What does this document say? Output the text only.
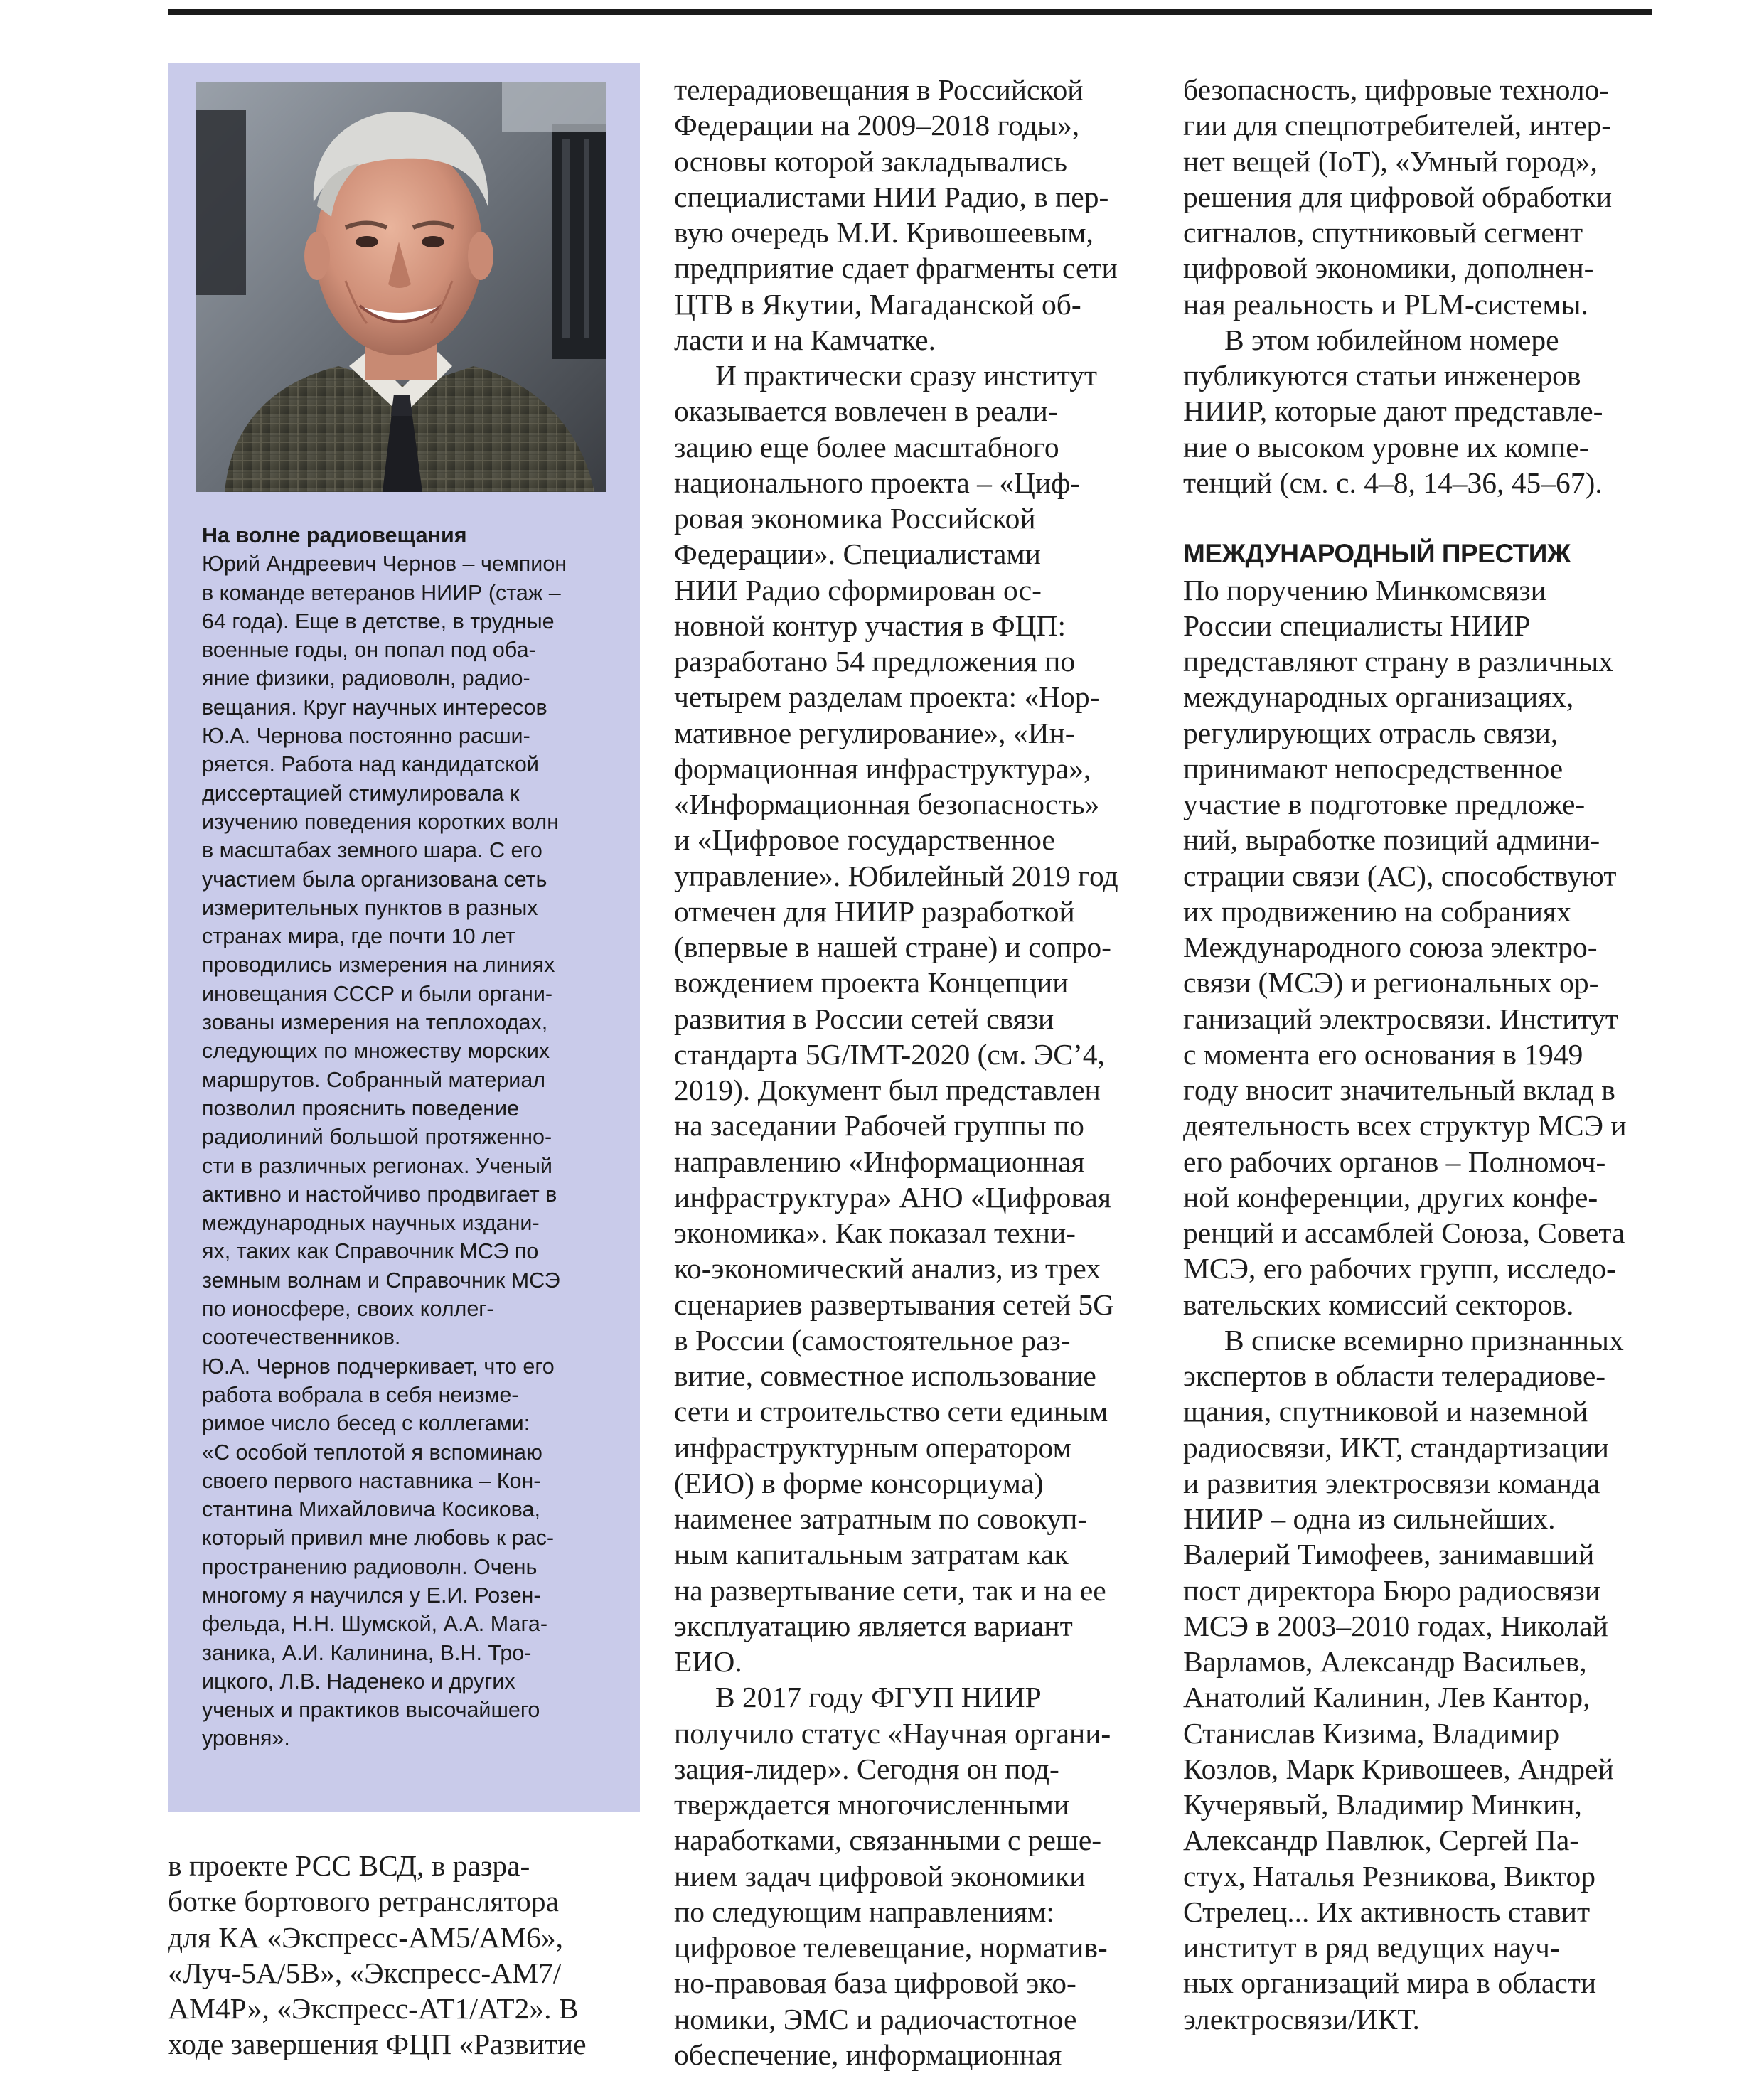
На волне радиовещания
Юрий Андреевич Чернов – чемпион
в команде ветеранов НИИР (стаж –
64 года). Еще в детстве, в трудные
военные годы, он попал под оба-
яние физики, радиоволн, радио-
вещания. Круг научных интересов
Ю.А. Чернова постоянно расши-
ряется. Работа над кандидатской
диссертацией стимулировала к
изучению поведения коротких волн
в масштабах земного шара. С его
участием была организована сеть
измерительных пунктов в разных
странах мира, где почти 10 лет
проводились измерения на линиях
иновещания СССР и были органи-
зованы измерения на теплоходах,
следующих по множеству морских
маршрутов. Собранный материал
позволил прояснить поведение
радиолиний большой протяженно-
сти в различных регионах. Ученый
активно и настойчиво продвигает в
международных научных издани-
ях, таких как Справочник МСЭ по
земным волнам и Справочник МСЭ
по ионосфере, своих коллег-
соотечественников.
Ю.А. Чернов подчеркивает, что его
работа вобрала в себя неизме-
римое число бесед с коллегами:
«С особой теплотой я вспоминаю
своего первого наставника – Кон-
стантина Михайловича Косикова,
который привил мне любовь к рас-
пространению радиоволн. Очень
многому я научился у Е.И. Розен-
фельда, Н.Н. Шумской, А.А. Мага-
заника, А.И. Калинина, В.Н. Тро-
ицкого, Л.В. Наденеко и других
ученых и практиков высочайшего
уровня».
в проекте РСС ВСД, в разра-
ботке бортового ретранслятора
для КА «Экспресс-АМ5/АМ6»,
«Луч-5А/5В», «Экспресс-АМ7/
АМ4Р», «Экспресс-АТ1/АТ2». В
ходе завершения ФЦП «Развитие
телерадиовещания в Российской
Федерации на 2009–2018 годы»,
основы которой закладывались
специалистами НИИ Радио, в пер-
вую очередь М.И. Кривошеевым,
предприятие сдает фрагменты сети
ЦТВ в Якутии, Магаданской об-
ласти и на Камчатке.
И практически сразу институт
оказывается вовлечен в реали-
зацию еще более масштабного
национального проекта – «Циф-
ровая экономика Российской
Федерации». Специалистами
НИИ Радио сформирован ос-
новной контур участия в ФЦП:
разработано 54 предложения по
четырем разделам проекта: «Нор-
мативное регулирование», «Ин-
формационная инфраструктура»,
«Информационная безопасность»
и «Цифровое государственное
управление». Юбилейный 2019 год
отмечен для НИИР разработкой
(впервые в нашей стране) и сопро-
вождением проекта Концепции
развития в России сетей связи
стандарта 5G/IMT-2020 (см. ЭС’4,
2019). Документ был представлен
на заседании Рабочей группы по
направлению «Информационная
инфраструктура» АНО «Цифровая
экономика». Как показал техни-
ко-экономический анализ, из трех
сценариев развертывания сетей 5G
в России (самостоятельное раз-
витие, совместное использование
сети и строительство сети единым
инфраструктурным оператором
(ЕИО) в форме консорциума)
наименее затратным по совокуп-
ным капитальным затратам как
на развертывание сети, так и на ее
эксплуатацию является вариант
ЕИО.
В 2017 году ФГУП НИИР
получило статус «Научная органи-
зация-лидер». Сегодня он под-
тверждается многочисленными
наработками, связанными с реше-
нием задач цифровой экономики
по следующим направлениям:
цифровое телевещание, норматив-
но-правовая база цифровой эко-
номики, ЭМС и радиочастотное
обеспечение, информационная
безопасность, цифровые техноло-
гии для спецпотребителей, интер-
нет вещей (IoT), «Умный город»,
решения для цифровой обработки
сигналов, спутниковый сегмент
цифровой экономики, дополнен-
ная реальность и PLM-системы.
В этом юбилейном номере
публикуются статьи инженеров
НИИР, которые дают представле-
ние о высоком уровне их компе-
тенций (см. с. 4–8, 14–36, 45–67).
МЕЖДУНАРОДНЫЙ ПРЕСТИЖ
По поручению Минкомсвязи
России специалисты НИИР
представляют страну в различных
международных организациях,
регулирующих отрасль связи,
принимают непосредственное
участие в подготовке предложе-
ний, выработке позиций админи-
страции связи (АС), способствуют
их продвижению на собраниях
Международного союза электро-
связи (МСЭ) и региональных ор-
ганизаций электросвязи. Институт
с момента его основания в 1949
году вносит значительный вклад в
деятельность всех структур МСЭ и
его рабочих органов – Полномоч-
ной конференции, других конфе-
ренций и ассамблей Союза, Совета
МСЭ, его рабочих групп, исследо-
вательских комиссий секторов.
В списке всемирно признанных
экспертов в области телерадиове-
щания, спутниковой и наземной
радиосвязи, ИКТ, стандартизации
и развития электросвязи команда
НИИР – одна из сильнейших.
Валерий Тимофеев, занимавший
пост директора Бюро радиосвязи
МСЭ в 2003–2010 годах, Николай
Варламов, Александр Васильев,
Анатолий Калинин, Лев Кантор,
Станислав Кизима, Владимир
Козлов, Марк Кривошеев, Андрей
Кучерявый, Владимир Минкин,
Александр Павлюк, Сергей Па-
стух, Наталья Резникова, Виктор
Стрелец... Их активность ставит
институт в ряд ведущих науч-
ных организаций мира в области
электросвязи/ИКТ.
